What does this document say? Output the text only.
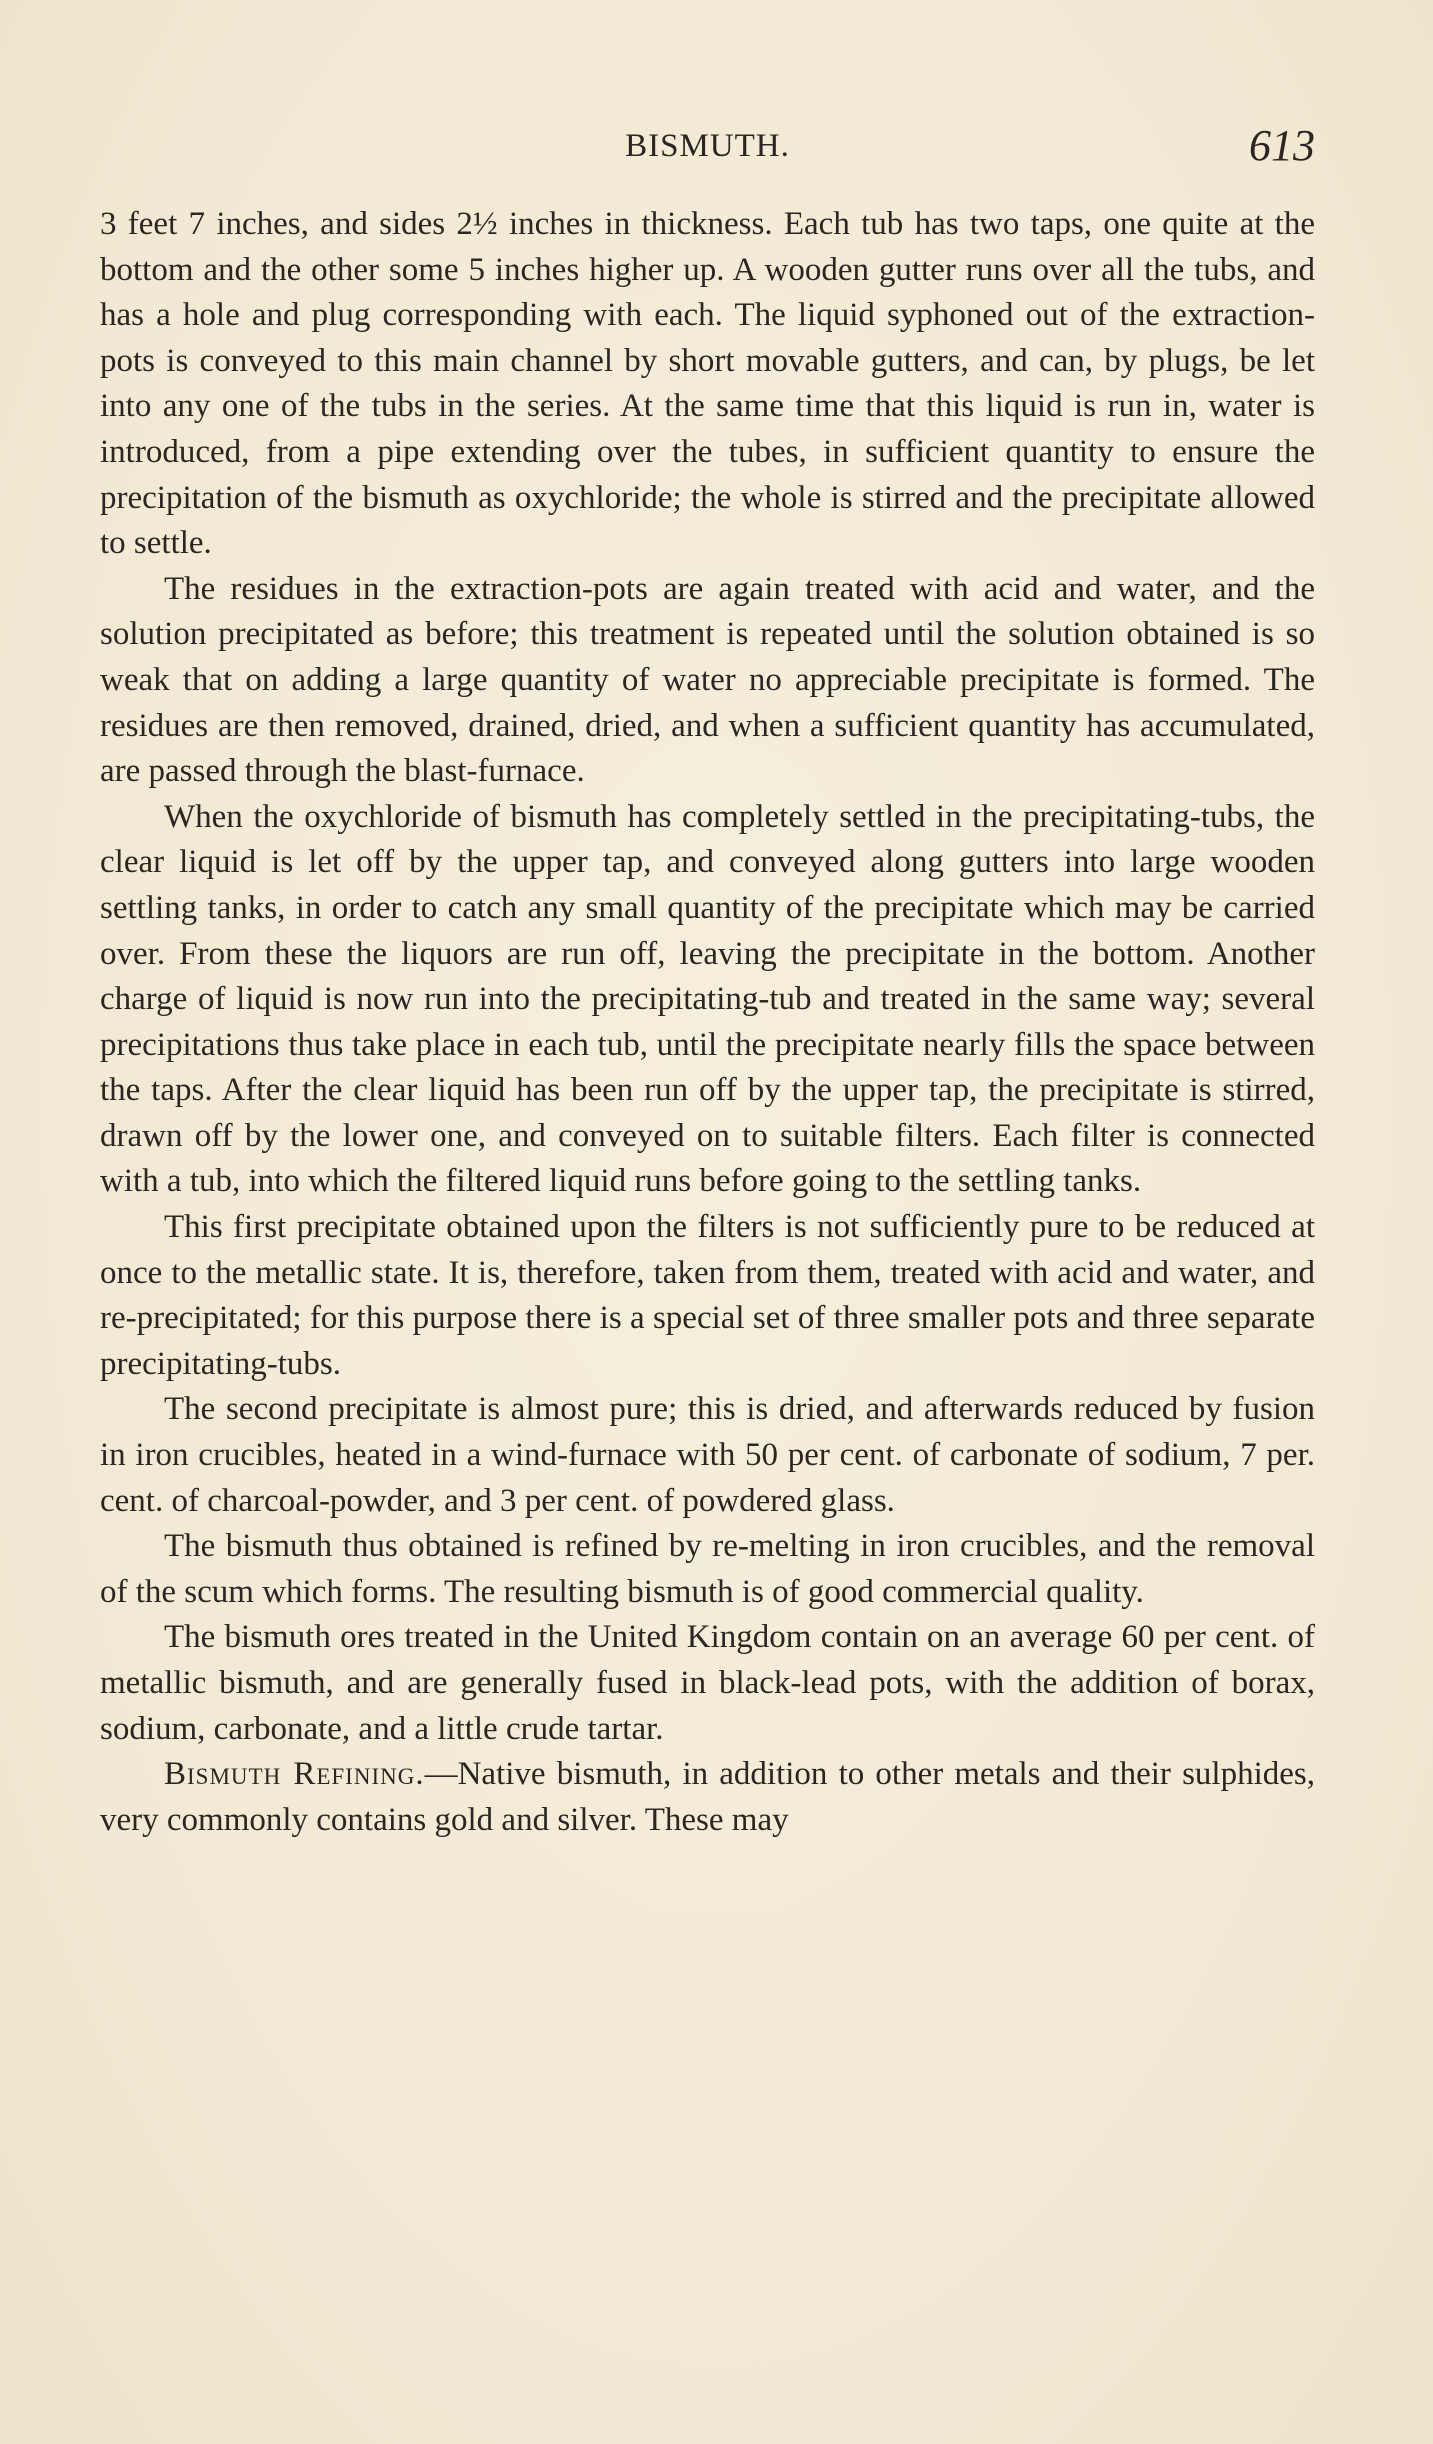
BISMUTH.	613

3 feet 7 inches, and sides 2½ inches in thickness. Each tub has two taps, one quite at the bottom and the other some 5 inches higher up. A wooden gutter runs over all the tubs, and has a hole and plug corresponding with each. The liquid syphoned out of the extraction-pots is conveyed to this main channel by short movable gutters, and can, by plugs, be let into any one of the tubs in the series. At the same time that this liquid is run in, water is introduced, from a pipe extending over the tubes, in sufficient quantity to ensure the precipitation of the bismuth as oxychloride; the whole is stirred and the precipitate allowed to settle.

The residues in the extraction-pots are again treated with acid and water, and the solution precipitated as before; this treatment is repeated until the solution obtained is so weak that on adding a large quantity of water no appreciable precipitate is formed. The residues are then removed, drained, dried, and when a sufficient quantity has accumulated, are passed through the blast-furnace.

When the oxychloride of bismuth has completely settled in the precipitating-tubs, the clear liquid is let off by the upper tap, and conveyed along gutters into large wooden settling tanks, in order to catch any small quantity of the precipitate which may be carried over. From these the liquors are run off, leaving the precipitate in the bottom. Another charge of liquid is now run into the precipitating-tub and treated in the same way; several precipitations thus take place in each tub, until the precipitate nearly fills the space between the taps. After the clear liquid has been run off by the upper tap, the precipitate is stirred, drawn off by the lower one, and conveyed on to suitable filters. Each filter is connected with a tub, into which the filtered liquid runs before going to the settling tanks.

This first precipitate obtained upon the filters is not sufficiently pure to be reduced at once to the metallic state. It is, therefore, taken from them, treated with acid and water, and re-precipitated; for this purpose there is a special set of three smaller pots and three separate precipitating-tubs.

The second precipitate is almost pure; this is dried, and afterwards reduced by fusion in iron crucibles, heated in a wind-furnace with 50 per cent. of carbonate of sodium, 7 per. cent. of charcoal-powder, and 3 per cent. of powdered glass.

The bismuth thus obtained is refined by re-melting in iron crucibles, and the removal of the scum which forms. The resulting bismuth is of good commercial quality.

The bismuth ores treated in the United Kingdom contain on an average 60 per cent. of metallic bismuth, and are generally fused in black-lead pots, with the addition of borax, sodium, carbonate, and a little crude tartar.

Bismuth Refining.—Native bismuth, in addition to other metals and their sulphides, very commonly contains gold and silver. These may
